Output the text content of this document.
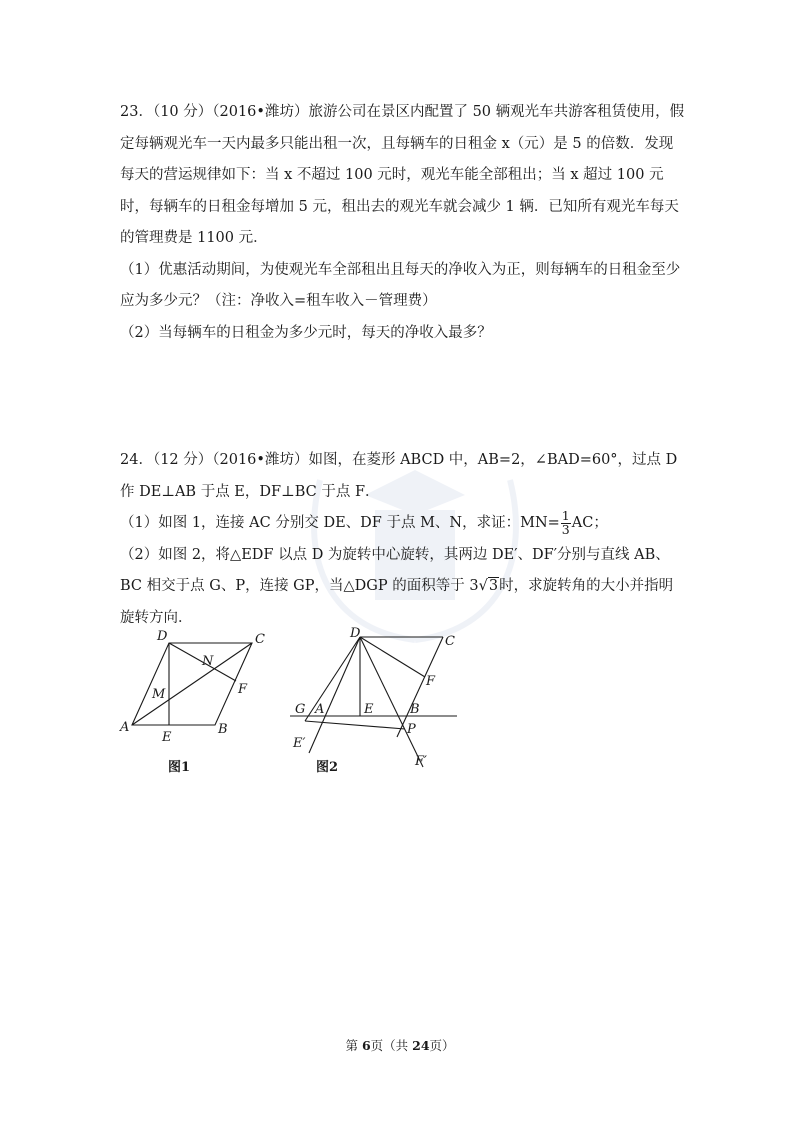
23．（10 分）（2016•潍坊）旅游公司在景区内配置了 50 辆观光车共游客租赁使用，假定每辆观光车一天内最多只能出租一次，且每辆车的日租金 x（元）是 5 的倍数．发现每天的营运规律如下：当 x 不超过 100 元时，观光车能全部租出；当 x 超过 100 元时，每辆车的日租金每增加 5 元，租出去的观光车就会减少 1 辆．已知所有观光车每天的管理费是 1100 元．

（1）优惠活动期间，为使观光车全部租出且每天的净收入为正，则每辆车的日租金至少应为多少元？（注：净收入=租车收入－管理费）

（2）当每辆车的日租金为多少元时，每天的净收入最多？

24．（12 分）（2016•潍坊）如图，在菱形 ABCD 中，AB=2，∠BAD=60°，过点 D 作 DE⊥AB 于点 E，DF⊥BC 于点 F．

（1）如图 1，连接 AC 分别交 DE、DF 于点 M、N，求证：$MN= \frac{1}{3}$ AC；

（2）如图 2，将△EDF 以点 D 为旋转中心旋转，其两边 DE′、DF′分别与直线 AB、BC 相交于点 G、P，连接 GP，当△DGP 的面积等于 3√3时，求旋转角的大小并指明旋转方向．

D	C
A	B
E
F
M
N
图1
D
C
F
G A	E	B
P
E′
F′
图2
第 6页（共 24页）
